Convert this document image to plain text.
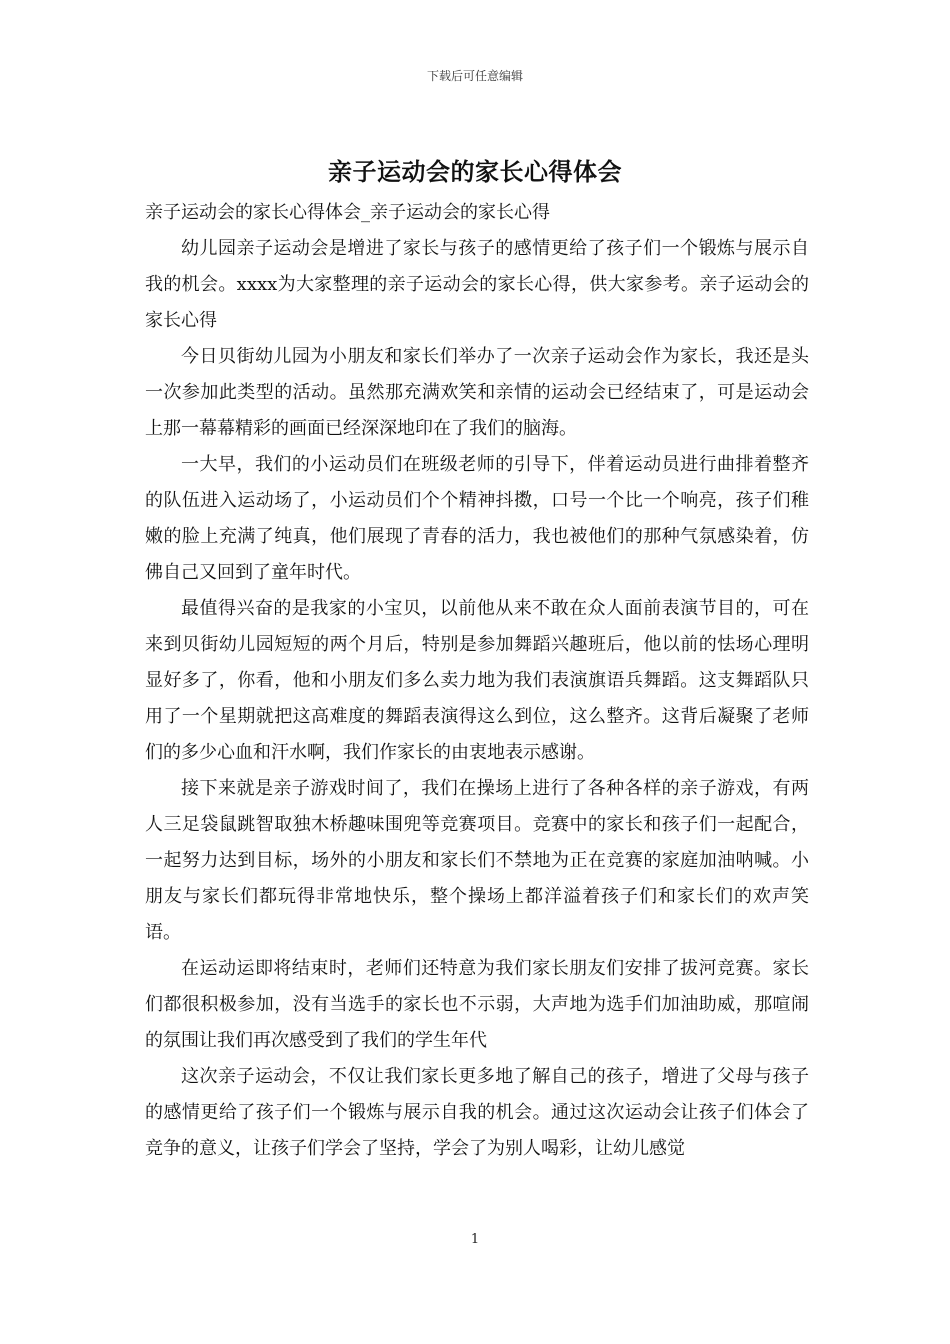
下载后可任意编辑
亲子运动会的家长心得体会

亲子运动会的家长心得体会_亲子运动会的家长心得

幼儿园亲子运动会是增进了家长与孩子的感情更给了孩子们一个锻炼与展示自我的机会。xxxx为大家整理的亲子运动会的家长心得，供大家参考。亲子运动会的家长心得

今日贝街幼儿园为小朋友和家长们举办了一次亲子运动会作为家长，我还是头一次参加此类型的活动。虽然那充满欢笑和亲情的运动会已经结束了，可是运动会上那一幕幕精彩的画面已经深深地印在了我们的脑海。

一大早，我们的小运动员们在班级老师的引导下，伴着运动员进行曲排着整齐的队伍进入运动场了，小运动员们个个精神抖擞，口号一个比一个响亮，孩子们稚嫩的脸上充满了纯真，他们展现了青春的活力，我也被他们的那种气氛感染着，仿佛自己又回到了童年时代。

最值得兴奋的是我家的小宝贝，以前他从来不敢在众人面前表演节目的，可在来到贝街幼儿园短短的两个月后，特别是参加舞蹈兴趣班后，他以前的怯场心理明显好多了，你看，他和小朋友们多么卖力地为我们表演旗语兵舞蹈。这支舞蹈队只用了一个星期就把这高难度的舞蹈表演得这么到位，这么整齐。这背后凝聚了老师们的多少心血和汗水啊，我们作家长的由衷地表示感谢。

接下来就是亲子游戏时间了，我们在操场上进行了各种各样的亲子游戏，有两人三足袋鼠跳智取独木桥趣味围兜等竞赛项目。竞赛中的家长和孩子们一起配合，一起努力达到目标，场外的小朋友和家长们不禁地为正在竞赛的家庭加油呐喊。小朋友与家长们都玩得非常地快乐，整个操场上都洋溢着孩子们和家长们的欢声笑语。

在运动运即将结束时，老师们还特意为我们家长朋友们安排了拔河竞赛。家长们都很积极参加，没有当选手的家长也不示弱，大声地为选手们加油助威，那喧闹的氛围让我们再次感受到了我们的学生年代

这次亲子运动会，不仅让我们家长更多地了解自己的孩子，增进了父母与孩子的感情更给了孩子们一个锻炼与展示自我的机会。通过这次运动会让孩子们体会了竞争的意义，让孩子们学会了坚持，学会了为别人喝彩，让幼儿感觉

1
